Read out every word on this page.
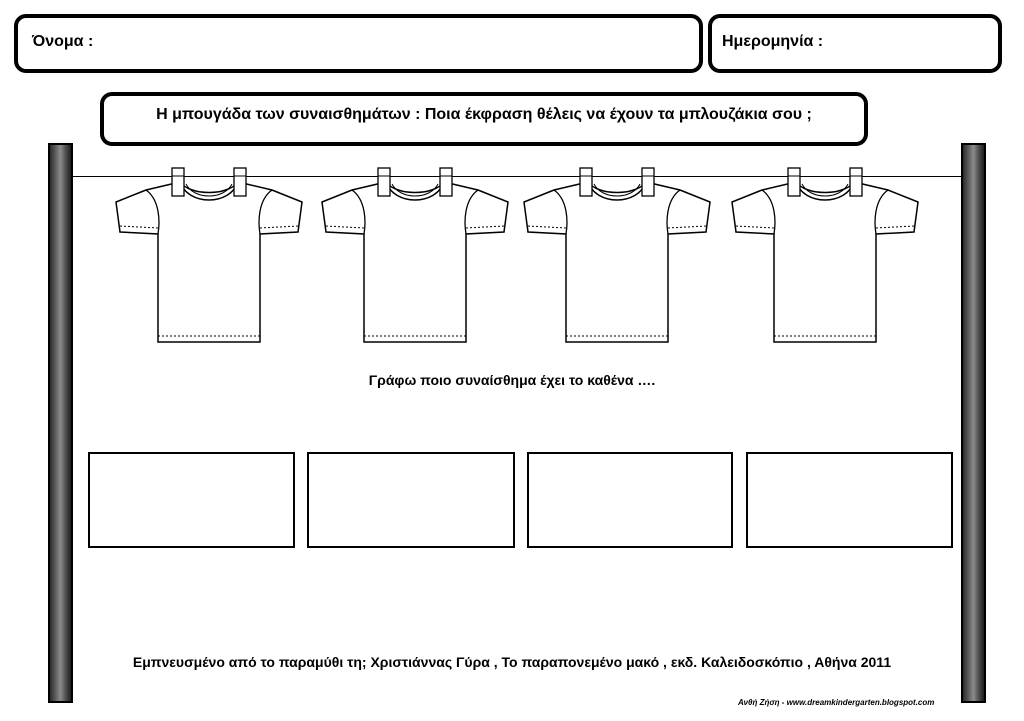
Όνομα :	Ημερομηνία :
Η μπουγάδα των συναισθημάτων : Ποια έκφραση θέλεις να έχουν τα μπλουζάκια σου ;
Γράφω ποιο συναίσθημα έχει το καθένα ….
Εμπνευσμένο από το παραμύθι τη; Χριστιάννας Γύρα , Το παραπονεμένο μακό , εκδ. Καλειδοσκόπιο , Αθήνα 2011
Ανθή Ζήση - www.dreamkindergarten.blogspot.com
